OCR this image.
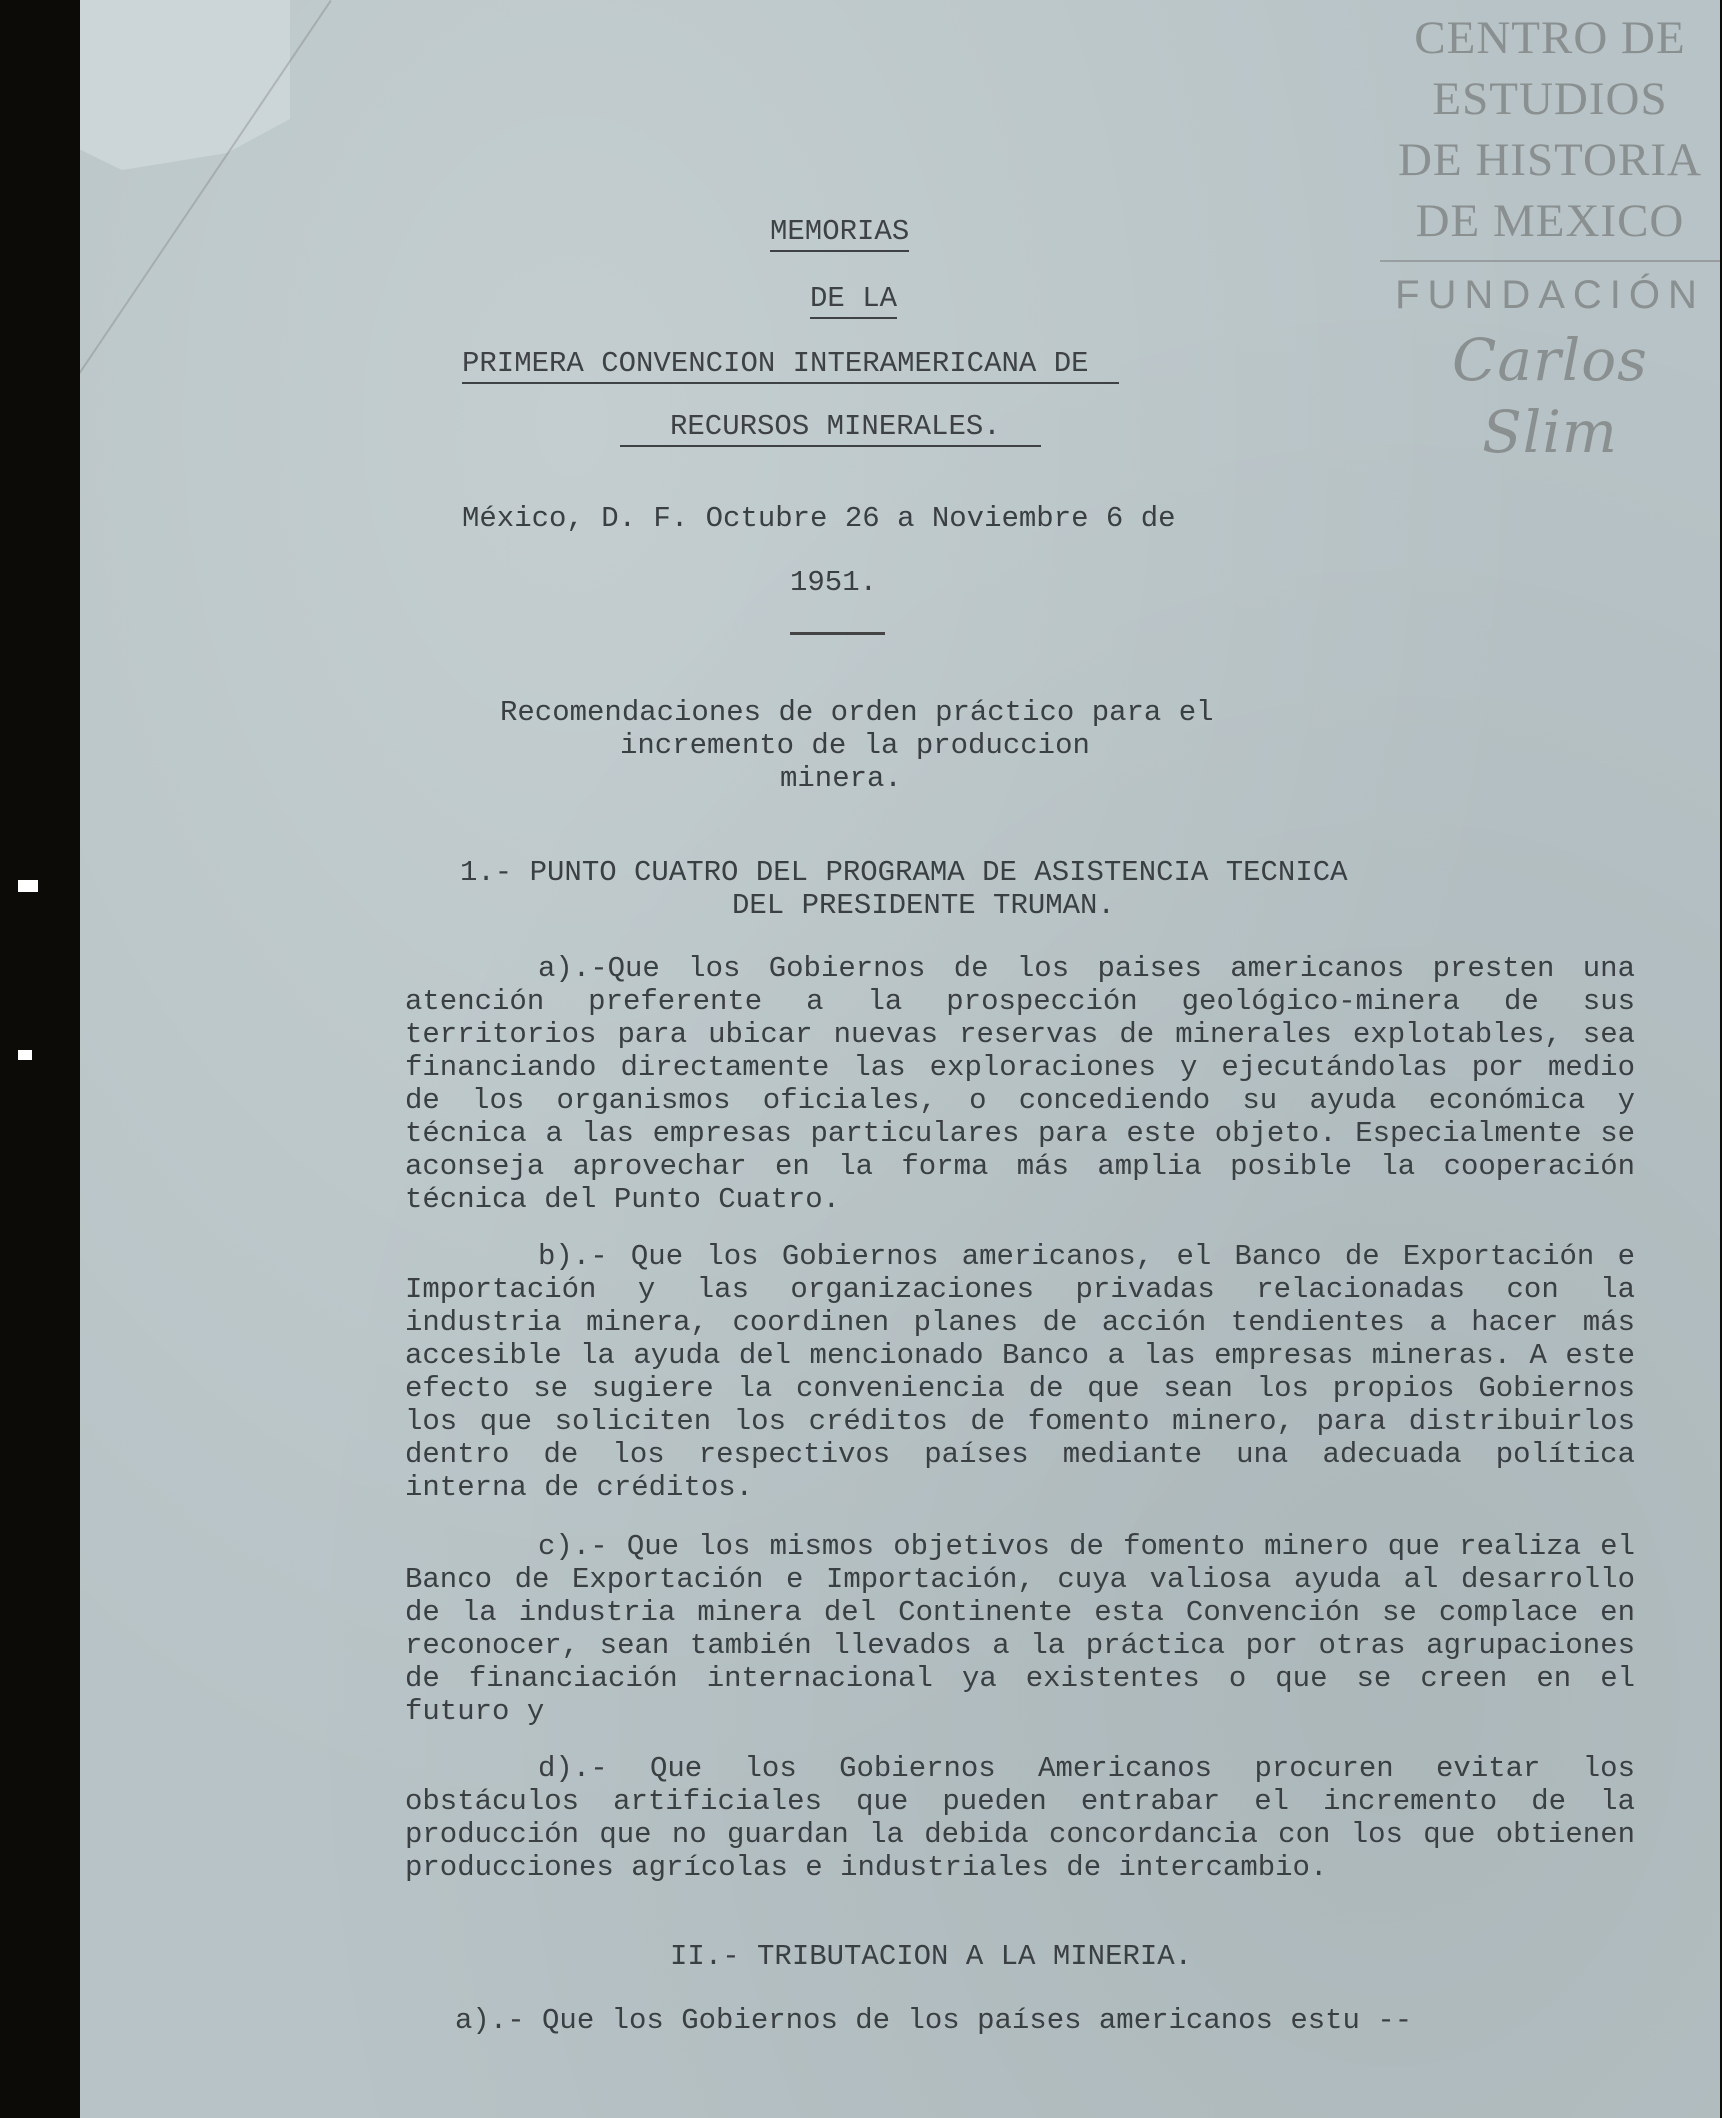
CENTRO DE
ESTUDIOS
DE HISTORIA
DE MEXICO
FUNDACIÓN
Carlos Slim
MEMORIAS
DE LA
PRIMERA CONVENCION INTERAMERICANA DE
RECURSOS MINERALES.
México, D. F. Octubre 26 a Noviembre 6 de
1951.
Recomendaciones de orden práctico para el
incremento de la produccion
minera.
1.- PUNTO CUATRO DEL PROGRAMA DE ASISTENCIA TECNICA
DEL PRESIDENTE TRUMAN.
a).-Que los Gobiernos de los paises americanos presten una atención preferente a la prospección geológico-minera de sus territorios para ubicar nuevas reservas de minerales explotables, sea financiando directamente las exploraciones y ejecutándolas por medio de los organismos oficiales, o concediendo su ayuda económica y técnica a las empresas particulares para este objeto. Especialmente se aconseja aprovechar en la forma más amplia posible la cooperación técnica del Punto Cuatro.
b).- Que los Gobiernos americanos, el Banco de Exportación e Importación y las organizaciones privadas relacionadas con la industria minera, coordinen planes de acción tendientes a hacer más accesible la ayuda del mencionado Banco a las empresas mineras. A este efecto se sugiere la conveniencia de que sean los propios Gobiernos los que soliciten los créditos de fomento minero, para distribuirlos dentro de los respectivos países mediante una adecuada política interna de créditos.
c).- Que los mismos objetivos de fomento minero que realiza el Banco de Exportación e Importación, cuya valiosa ayuda al desarrollo de la industria minera del Continente esta Convención se complace en reconocer, sean también llevados a la práctica por otras agrupaciones de financiación internacional ya existentes o que se creen en el futuro y
d).- Que los Gobiernos Americanos procuren evitar los obstáculos artificiales que pueden entrabar el incremento de la producción que no guardan la debida concordancia con los que obtienen producciones agrícolas e industriales de intercambio.
II.- TRIBUTACION A LA MINERIA.
a).- Que los Gobiernos de los países americanos estu --
